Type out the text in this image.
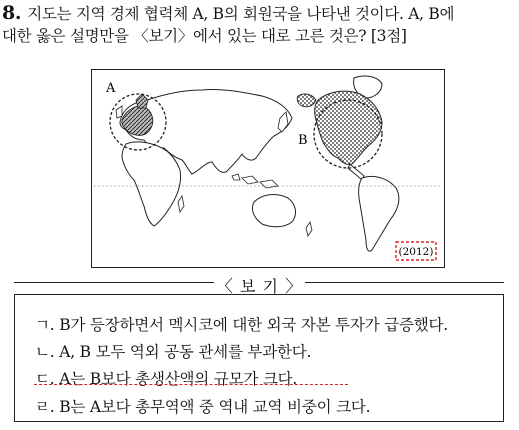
8. 지도는 지역 경제 협력체 A, B의 회원국을 나타낸 것이다. A, B에
대한 옳은 설명만을 〈보기〉에서 있는 대로 고른 것은? [3점]
A
B
(2012)
〈 보 기 〉
ㄱ. B가 등장하면서 멕시코에 대한 외국 자본 투자가 급증했다.
ㄴ. A, B 모두 역외 공동 관세를 부과한다.
ㄷ. A는 B보다 총생산액의 규모가 크다.
ㄹ. B는 A보다 총무역액 중 역내 교역 비중이 크다.
